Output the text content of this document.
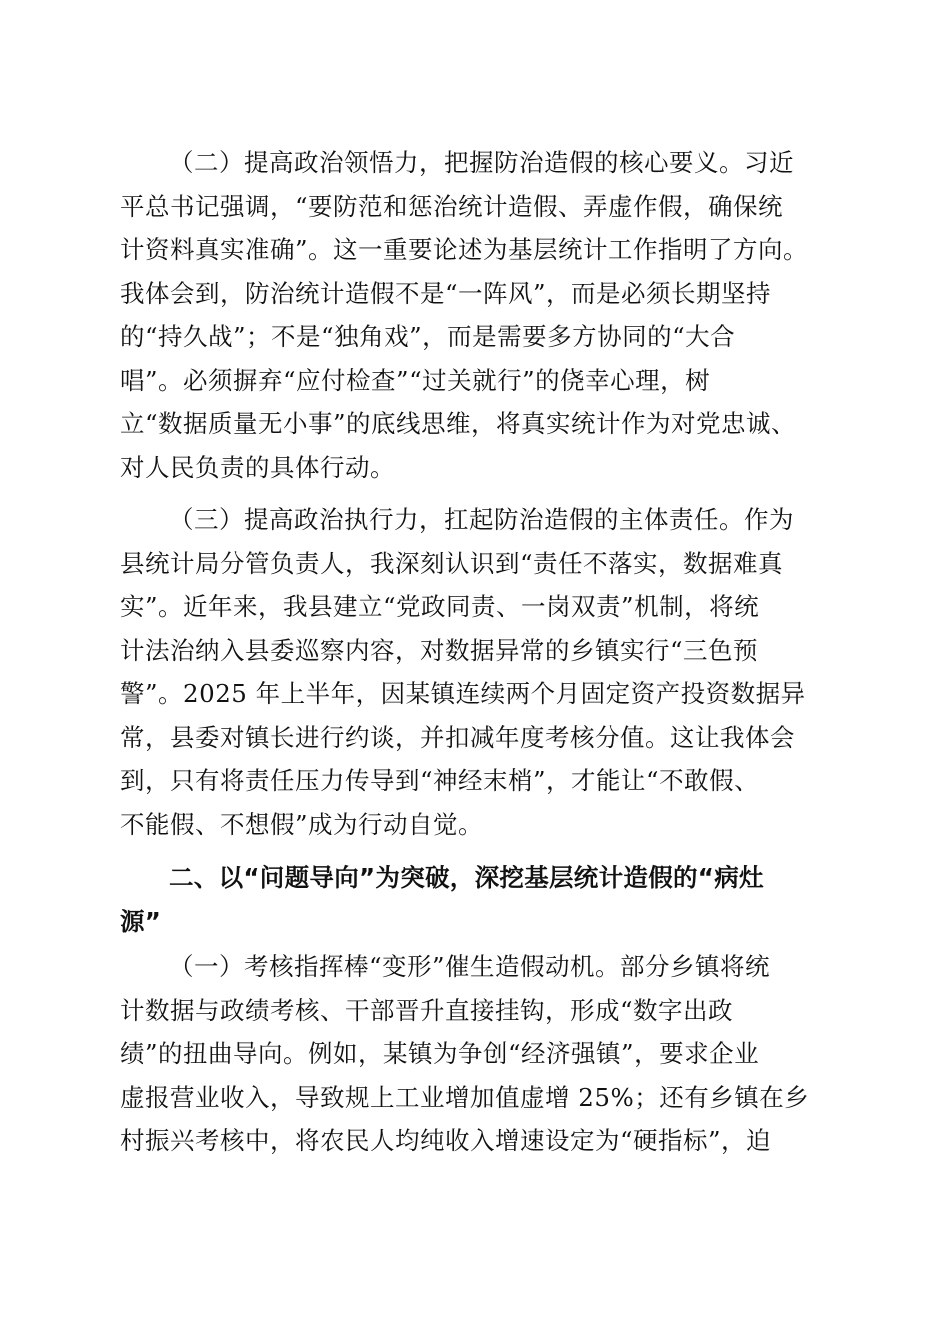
（二）提高政治领悟力，把握防治造假的核心要义。习近
平总书记强调，“要防范和惩治统计造假、弄虚作假，确保统
计资料真实准确”。这一重要论述为基层统计工作指明了方向。
我体会到，防治统计造假不是“一阵风”，而是必须长期坚持
的“持久战”；不是“独角戏”，而是需要多方协同的“大合
唱”。必须摒弃“应付检查”“过关就行”的侥幸心理，树
立“数据质量无小事”的底线思维，将真实统计作为对党忠诚、
对人民负责的具体行动。
（三）提高政治执行力，扛起防治造假的主体责任。作为
县统计局分管负责人，我深刻认识到“责任不落实，数据难真
实”。近年来，我县建立“党政同责、一岗双责”机制，将统
计法治纳入县委巡察内容，对数据异常的乡镇实行“三色预
警”。2025 年上半年，因某镇连续两个月固定资产投资数据异
常，县委对镇长进行约谈，并扣减年度考核分值。这让我体会
到，只有将责任压力传导到“神经末梢”，才能让“不敢假、
不能假、不想假”成为行动自觉。
二、以“问题导向”为突破，深挖基层统计造假的“病灶
源”
（一）考核指挥棒“变形”催生造假动机。部分乡镇将统
计数据与政绩考核、干部晋升直接挂钩，形成“数字出政
绩”的扭曲导向。例如，某镇为争创“经济强镇”，要求企业
虚报营业收入，导致规上工业增加值虚增 25%；还有乡镇在乡
村振兴考核中，将农民人均纯收入增速设定为“硬指标”，迫
